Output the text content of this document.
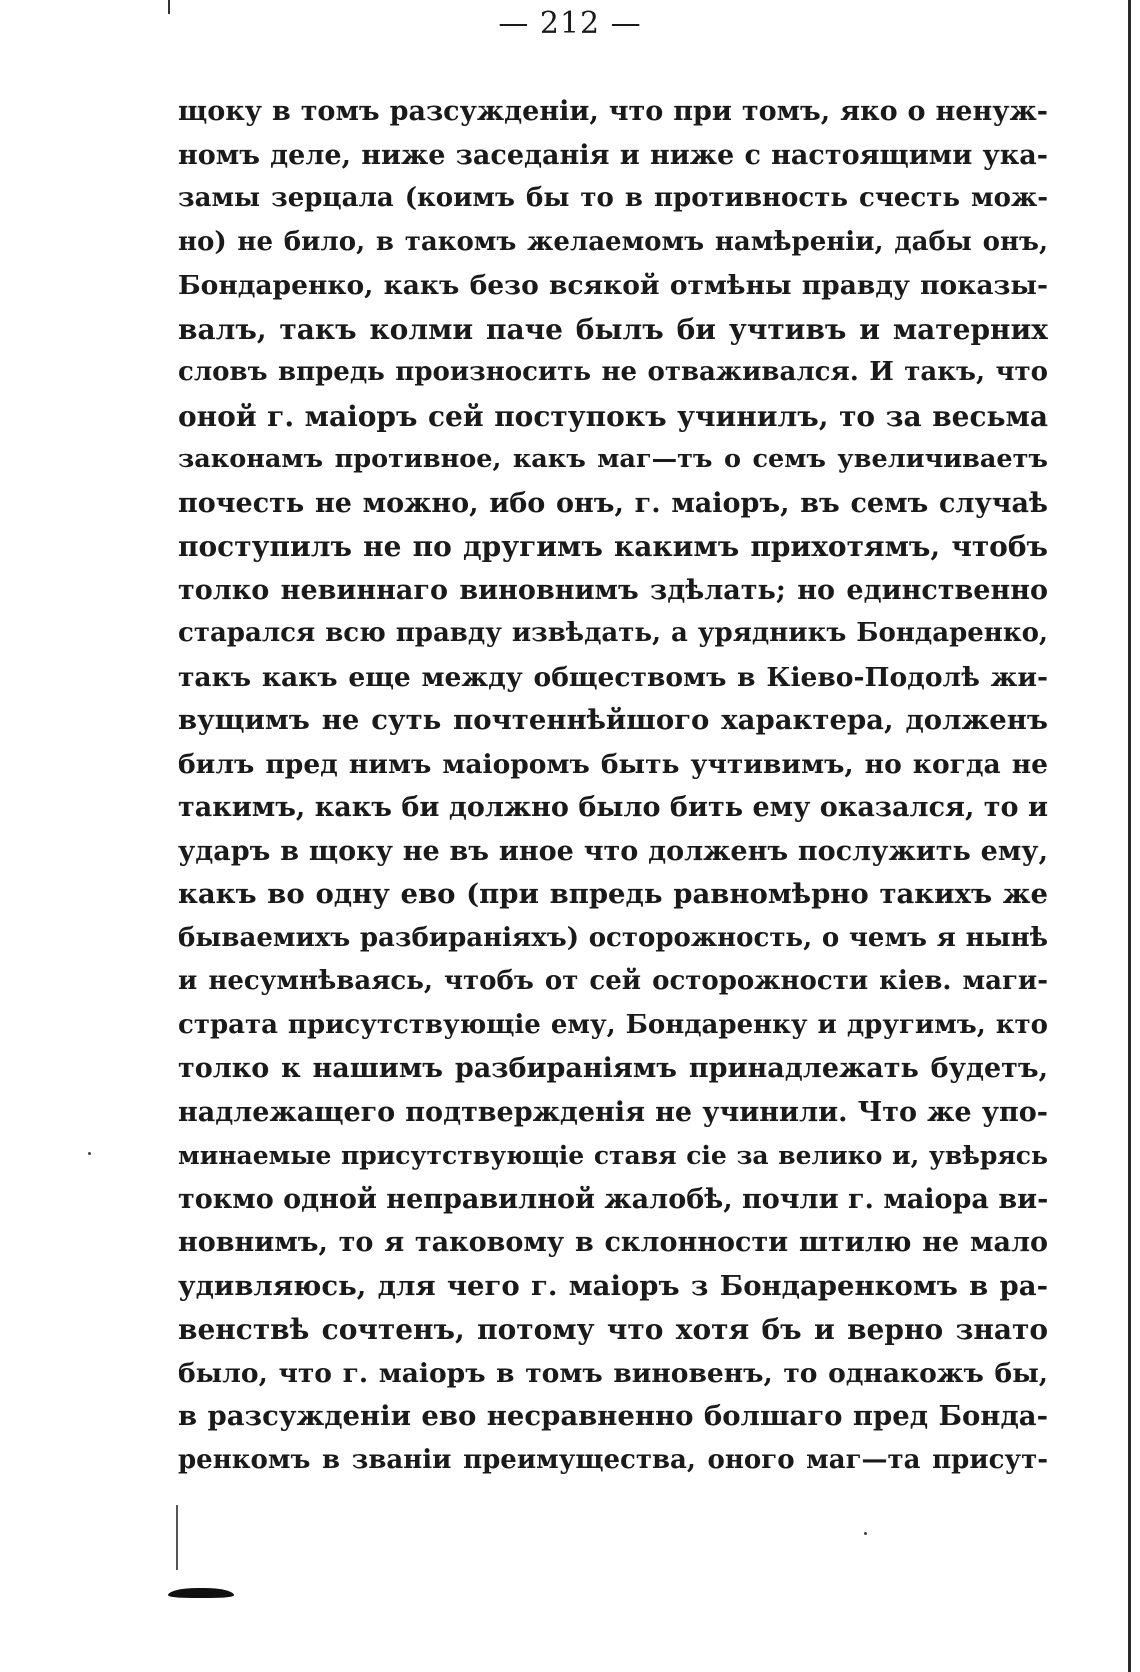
— 212 —
щоку в томъ разсужденіи, что при томъ, яко о ненуж-
номъ деле, ниже заседанія и ниже с настоящими ука-
замы зерцала (коимъ бы то в противность счесть мож-
но) не било, в такомъ желаемомъ намѣреніи, дабы онъ,
Бондаренко, какъ безо всякой отмѣны правду показы-
валъ, такъ колми паче былъ би учтивъ и матерних
словъ впредь произносить не отваживался. И такъ, что
оной г. маіоръ сей поступокъ учинилъ, то за весьма
законамъ противное, какъ маг—тъ о семъ увеличиваетъ
почесть не можно, ибо онъ, г. маіоръ, въ семъ случаѣ
поступилъ не по другимъ какимъ прихотямъ, чтобъ
толко невиннаго виновнимъ здѣлать; но единственно
старался всю правду извѣдать, а урядникъ Бондаренко,
такъ какъ еще между обществомъ в Кіево-Подолѣ жи-
вущимъ не суть почтеннѣйшого характера, долженъ
билъ пред нимъ маіоромъ быть учтивимъ, но когда не
такимъ, какъ би должно было бить ему оказался, то и
ударъ в щоку не въ иное что долженъ послужить ему,
какъ во одну ево (при впредь равномѣрно такихъ же
бываемихъ разбираніяхъ) осторожность, о чемъ я нынѣ
и несумнѣваясь, чтобъ от сей осторожности кіев. маги-
страта присутствующіе ему, Бондаренку и другимъ, кто
толко к нашимъ разбираніямъ принадлежать будетъ,
надлежащего подтвержденія не учинили. Что же упо-
минаемые присутствующіе ставя сіе за велико и, увѣрясь
токмо одной неправилной жалобѣ, почли г. маіора ви-
новнимъ, то я таковому в склонности штилю не мало
удивляюсь, для чего г. маіоръ з Бондаренкомъ в ра-
венствѣ сочтенъ, потому что хотя бъ и верно знато
было, что г. маіоръ в томъ виновенъ, то однакожъ бы,
в разсужденіи ево несравненно болшаго пред Бонда-
ренкомъ в званіи преимущества, оного маг—та присут-
